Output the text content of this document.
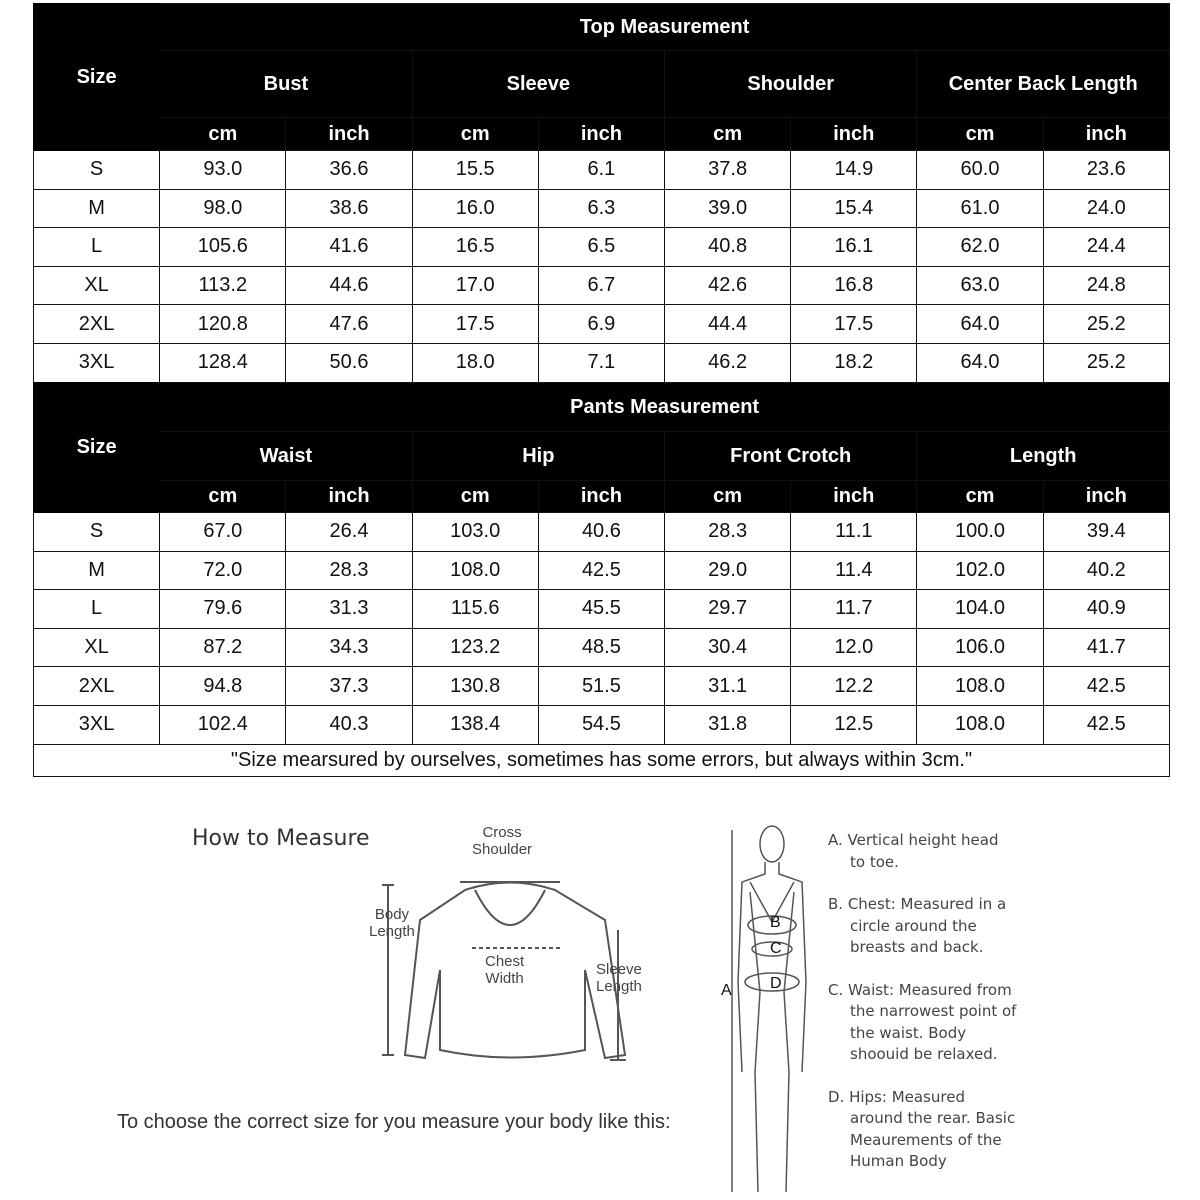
Size	Top Measurement							
	Bust		Sleeve		Shoulder		Center Back Length	
	cm	inch	cm	inch	cm	inch	cm	inch
S	93.0	36.6	15.5	6.1	37.8	14.9	60.0	23.6
M	98.0	38.6	16.0	6.3	39.0	15.4	61.0	24.0
L	105.6	41.6	16.5	6.5	40.8	16.1	62.0	24.4
XL	113.2	44.6	17.0	6.7	42.6	16.8	63.0	24.8
2XL	120.8	47.6	17.5	6.9	44.4	17.5	64.0	25.2
3XL	128.4	50.6	18.0	7.1	46.2	18.2	64.0	25.2
Size	Pants Measurement							
	Waist		Hip		Front Crotch		Length	
	cm	inch	cm	inch	cm	inch	cm	inch
S	67.0	26.4	103.0	40.6	28.3	11.1	100.0	39.4
M	72.0	28.3	108.0	42.5	29.0	11.4	102.0	40.2
L	79.6	31.3	115.6	45.5	29.7	11.7	104.0	40.9
XL	87.2	34.3	123.2	48.5	30.4	12.0	106.0	41.7
2XL	94.8	37.3	130.8	51.5	31.1	12.2	108.0	42.5
3XL	102.4	40.3	138.4	54.5	31.8	12.5	108.0	42.5
"Size mearsured by ourselves, sometimes has some errors, but always within 3cm."								
How to Measure
To choose the correct size for you measure your body like this:
Cross
Shoulder
Body
Length
Chest
Width
Sleeve
Length
B
C
D
A
A. Vertical height head to toe.
B. Chest: Measured in a circle around the breasts and back.
C. Waist: Measured from the narrowest point of the waist. Body shoouid be relaxed.
D. Hips: Measured around the rear. Basic Meaurements of the Human Body
